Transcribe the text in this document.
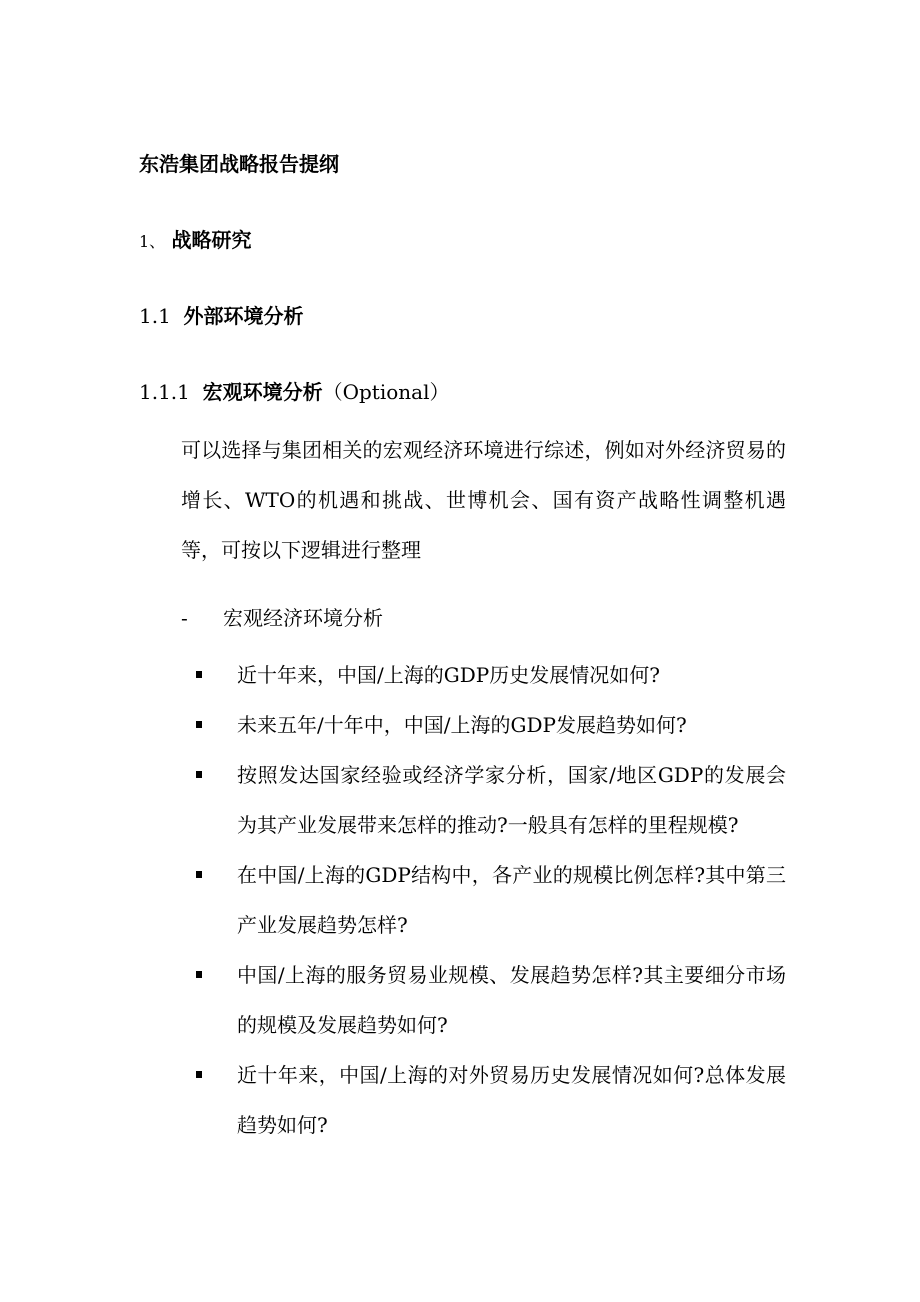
东浩集团战略报告提纲
1、 战略研究
1.1 外部环境分析
1.1.1 宏观环境分析（Optional）
可以选择与集团相关的宏观经济环境进行综述，例如对外经济贸易的增长、WTO的机遇和挑战、世博机会、国有资产战略性调整机遇等，可按以下逻辑进行整理
- 宏观经济环境分析
近十年来，中国/上海的GDP历史发展情况如何?
未来五年/十年中，中国/上海的GDP发展趋势如何?
按照发达国家经验或经济学家分析，国家/地区GDP的发展会为其产业发展带来怎样的推动?一般具有怎样的里程规模?
在中国/上海的GDP结构中，各产业的规模比例怎样?其中第三产业发展趋势怎样?
中国/上海的服务贸易业规模、发展趋势怎样?其主要细分市场的规模及发展趋势如何?
近十年来，中国/上海的对外贸易历史发展情况如何?总体发展趋势如何?
